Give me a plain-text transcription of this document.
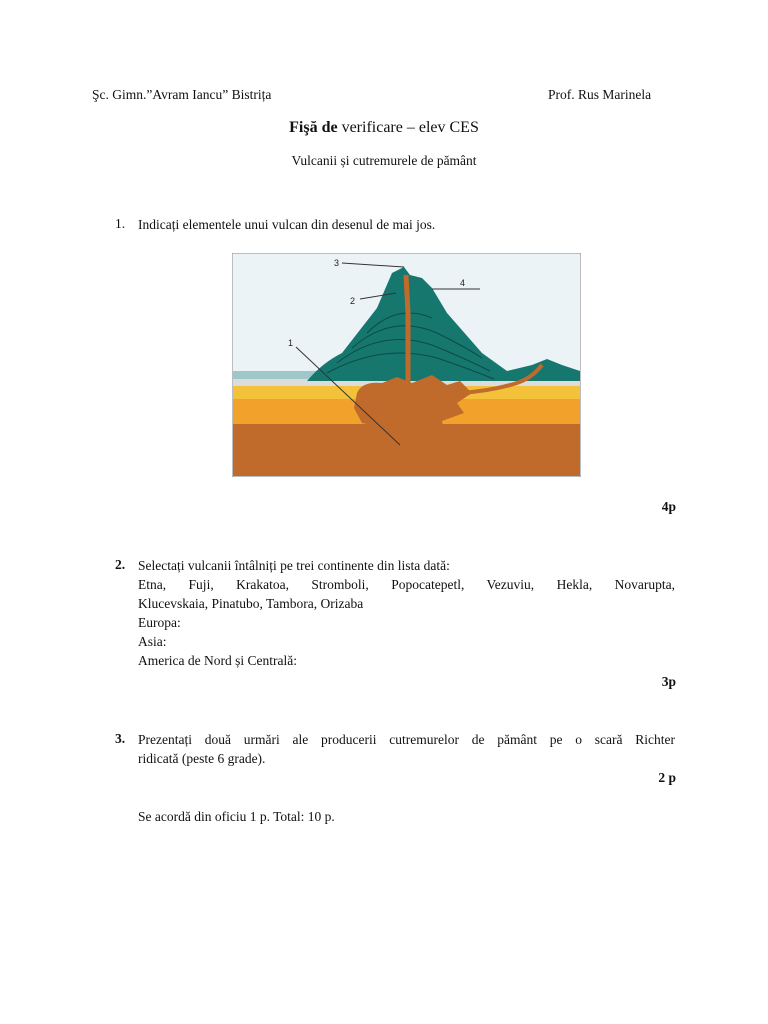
Şc. Gimn.”Avram Iancu” Bistrița	Prof. Rus Marinela
Fişă de verificare – elev CES
Vulcanii și cutremurele de pământ
1. Indicați elementele unui vulcan din desenul de mai jos.
1
2
3
4
4p
2. Selectați vulcanii întâlniți pe trei continente din lista dată:
Etna, Fuji, Krakatoa, Stromboli, Popocatepetl, Vezuviu, Hekla, Novarupta,
Klucevskaia, Pinatubo, Tambora, Orizaba
Europa:
Asia:
America de Nord și Centrală:
3p
3. Prezentați două urmări ale producerii cutremurelor de pământ pe o scară Richter
ridicată (peste 6 grade).
2 p
Se acordă din oficiu 1 p. Total: 10 p.
